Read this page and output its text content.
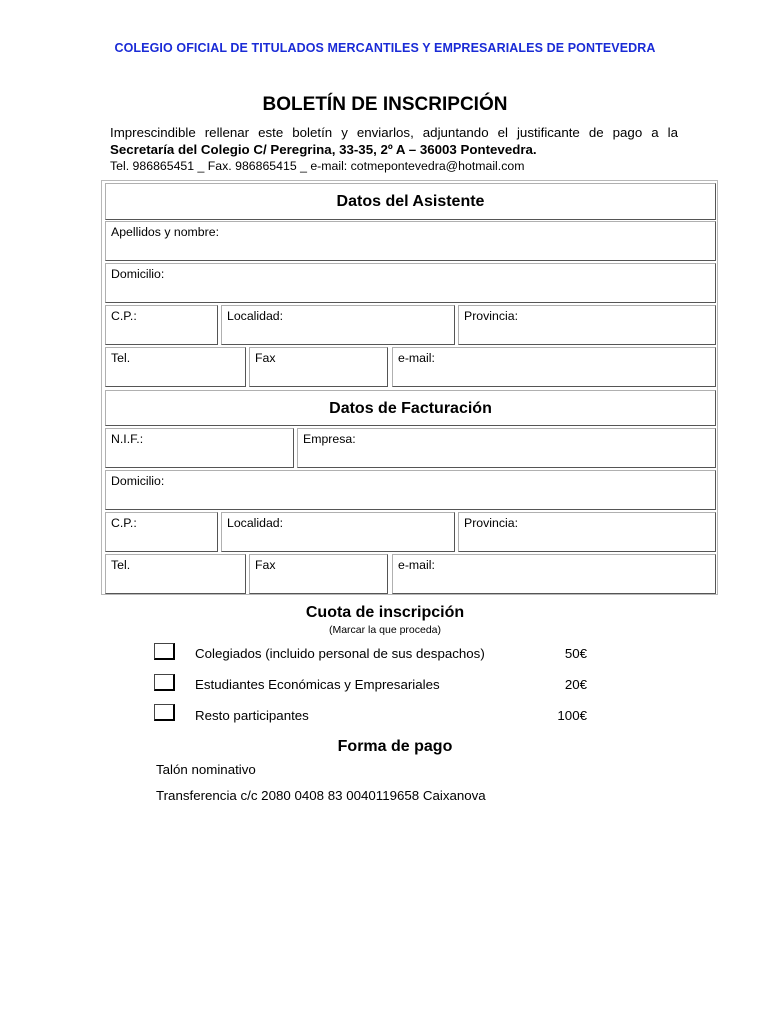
COLEGIO OFICIAL DE TITULADOS MERCANTILES Y EMPRESARIALES DE PONTEVEDRA
BOLETÍN DE INSCRIPCIÓN
Imprescindible rellenar este boletín y enviarlos, adjuntando el justificante de pago a la
Secretaría del Colegio C/ Peregrina, 33-35, 2º A – 36003 Pontevedra.
Tel. 986865451 _ Fax. 986865415 _ e-mail: cotmepontevedra@hotmail.com
Datos del Asistente
Apellidos y nombre:
Domicilio:
C.P.:	Localidad:	Provincia:
Tel.	Fax	e-mail:
Datos de Facturación
N.I.F.:	Empresa:
Domicilio:
C.P.:	Localidad:	Provincia:
Tel.	Fax	e-mail:
Cuota de inscripción
(Marcar la que proceda)
Colegiados (incluido personal de sus despachos)	50€
Estudiantes Económicas y Empresariales	20€
Resto participantes	100€
Forma de pago
Talón nominativo
Transferencia c/c 2080 0408 83 0040119658 Caixanova
